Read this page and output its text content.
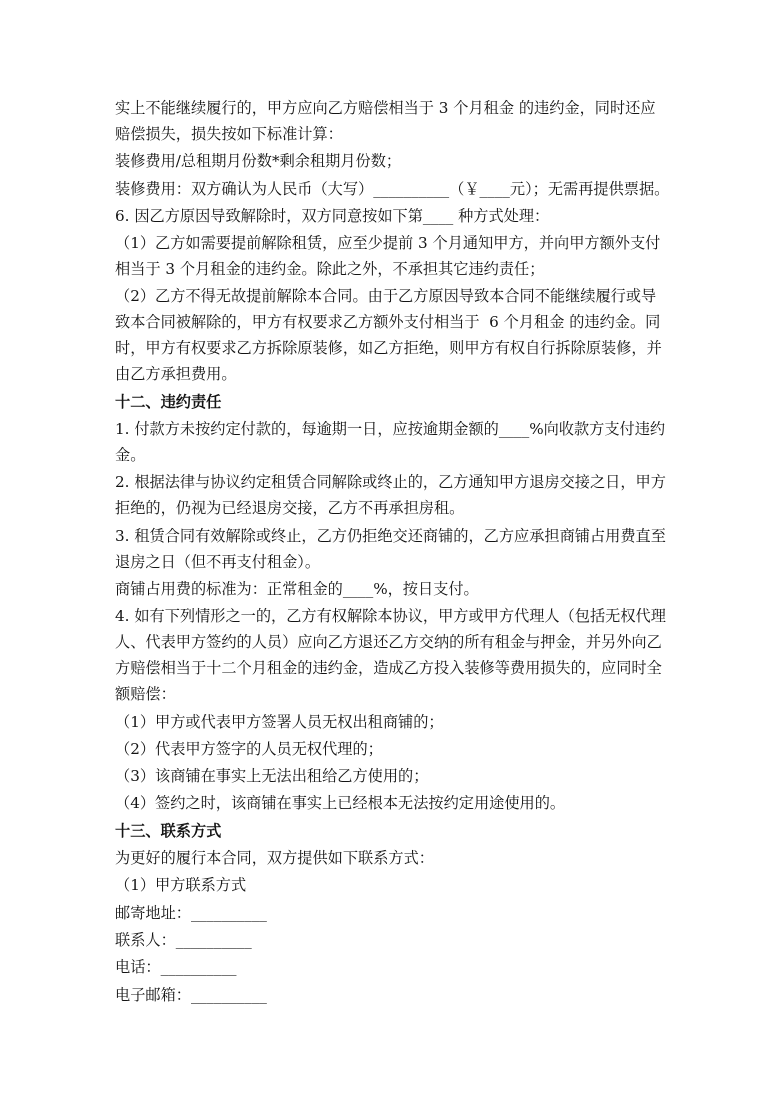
实上不能继续履行的，甲方应向乙方赔偿相当于 3 个月租金 的违约金，同时还应
赔偿损失，损失按如下标准计算：
装修费用/总租期月份数*剩余租期月份数；
装修费用：双方确认为人民币（大写）__________（￥____元）；无需再提供票据。
6. 因乙方原因导致解除时，双方同意按如下第____ 种方式处理：
（1）乙方如需要提前解除租赁，应至少提前 3 个月通知甲方，并向甲方额外支付
相当于 3 个月租金的违约金。除此之外，不承担其它违约责任；
（2）乙方不得无故提前解除本合同。由于乙方原因导致本合同不能继续履行或导
致本合同被解除的，甲方有权要求乙方额外支付相当于  6 个月租金 的违约金。同
时，甲方有权要求乙方拆除原装修，如乙方拒绝，则甲方有权自行拆除原装修，并
由乙方承担费用。
十二、违约责任
1. 付款方未按约定付款的，每逾期一日，应按逾期金额的____%向收款方支付违约
金。
2. 根据法律与协议约定租赁合同解除或终止的，乙方通知甲方退房交接之日，甲方
拒绝的，仍视为已经退房交接，乙方不再承担房租。
3. 租赁合同有效解除或终止，乙方仍拒绝交还商铺的，乙方应承担商铺占用费直至
退房之日（但不再支付租金）。
商铺占用费的标准为：正常租金的____%，按日支付。
4. 如有下列情形之一的，乙方有权解除本协议，甲方或甲方代理人（包括无权代理
人、代表甲方签约的人员）应向乙方退还乙方交纳的所有租金与押金，并另外向乙
方赔偿相当于十二个月租金的违约金，造成乙方投入装修等费用损失的，应同时全
额赔偿：
（1）甲方或代表甲方签署人员无权出租商铺的；
（2）代表甲方签字的人员无权代理的；
（3）该商铺在事实上无法出租给乙方使用的；
（4）签约之时，该商铺在事实上已经根本无法按约定用途使用的。
十三、联系方式
为更好的履行本合同，双方提供如下联系方式：
（1）甲方联系方式
邮寄地址：__________
联系人：__________
电话：__________
电子邮箱：__________
